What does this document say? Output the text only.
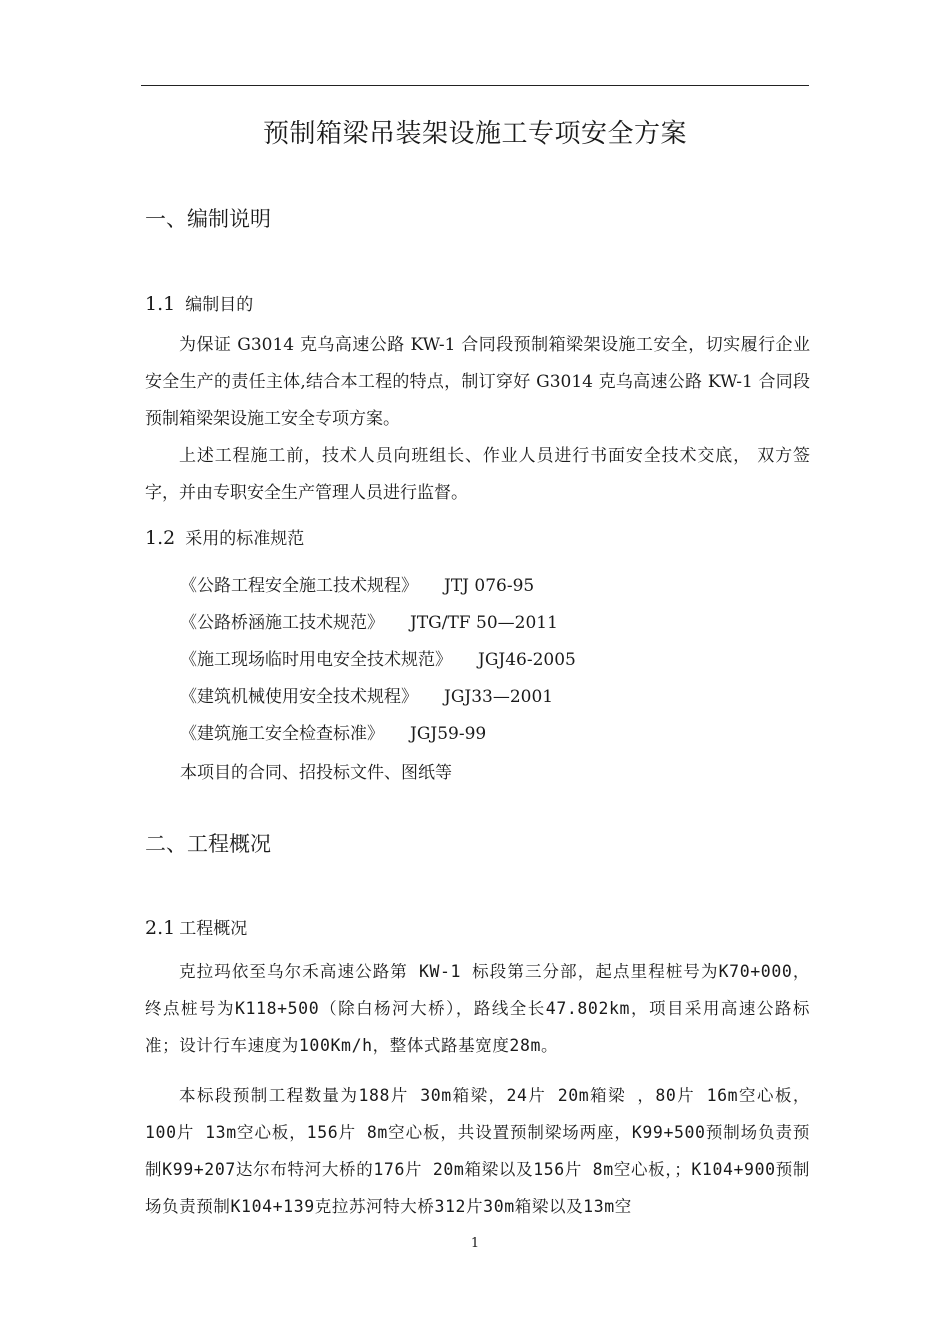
预制箱梁吊装架设施工专项安全方案
一、编制说明
1.1 编制目的
为保证 G3014 克乌高速公路 KW-1 合同段预制箱梁架设施工安全，切实履行企业安全生产的责任主体,结合本工程的特点，制订穿好 G3014 克乌高速公路 KW-1 合同段预制箱梁架设施工安全专项方案。
上述工程施工前，技术人员向班组长、作业人员进行书面安全技术交底， 双方签字，并由专职安全生产管理人员进行监督。
1.2 采用的标准规范
《公路工程安全施工技术规程》 JTJ 076-95
《公路桥涵施工技术规范》 JTG/TF 50—2011
《施工现场临时用电安全技术规范》 JGJ46-2005
《建筑机械使用安全技术规程》 JGJ33—2001
《建筑施工安全检查标准》 JGJ59-99
本项目的合同、招投标文件、图纸等
二、工程概况
2.1 工程概况
克拉玛依至乌尔禾高速公路第 KW-1 标段第三分部，起点里程桩号为K70+000，终点桩号为K118+500（除白杨河大桥），路线全长47.802km，项目采用高速公路标准；设计行车速度为100Km/h，整体式路基宽度28m。
本标段预制工程数量为188片 30m箱梁，24片 20m箱梁 ，80片 16m空心板，100片 13m空心板，156片 8m空心板，共设置预制梁场两座，K99+500预制场负责预制K99+207达尔布特河大桥的176片 20m箱梁以及156片 8m空心板，；K104+900预制场负责预制K104+139克拉苏河特大桥312片30m箱梁以及13m空
1
